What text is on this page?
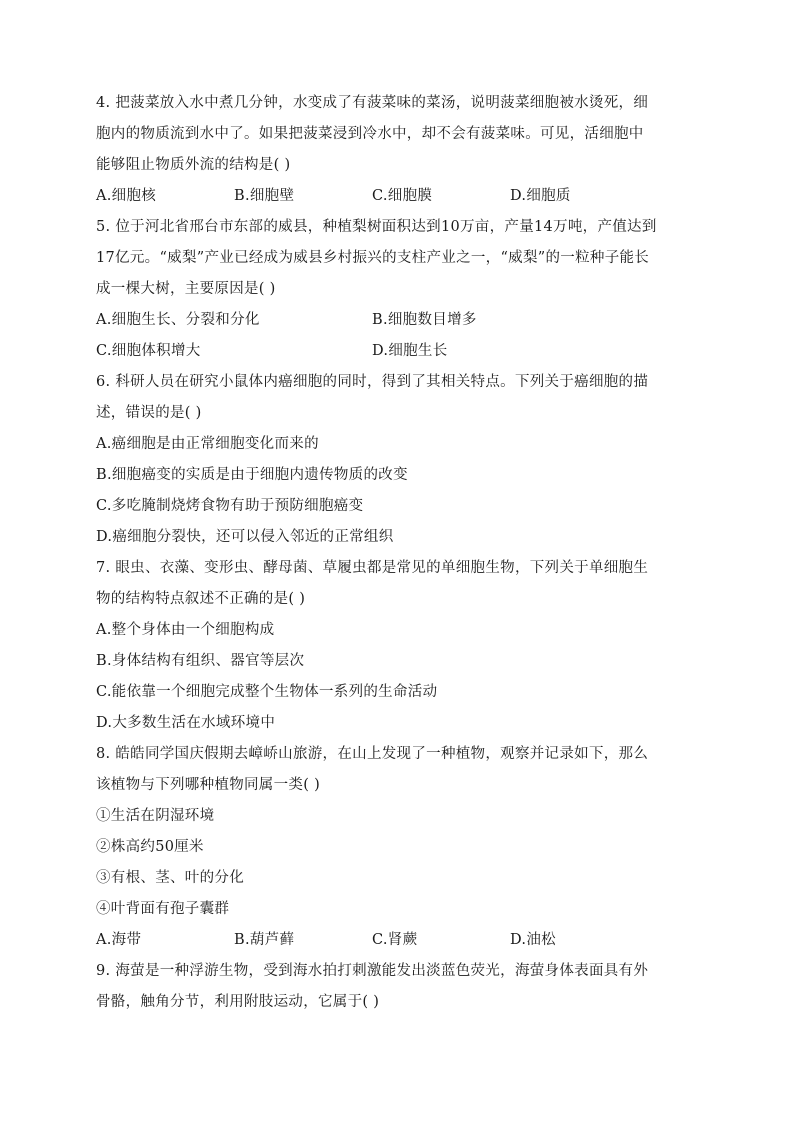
4. 把菠菜放入水中煮几分钟，水变成了有菠菜味的菜汤，说明菠菜细胞被水烫死，细
胞内的物质流到水中了。如果把菠菜浸到冷水中，却不会有菠菜味。可见，活细胞中
能够阻止物质外流的结构是( )
A.细胞核	B.细胞壁	C.细胞膜	D.细胞质
5. 位于河北省邢台市东部的威县，种植梨树面积达到10万亩，产量14万吨，产值达到
17亿元。“威梨”产业已经成为威县乡村振兴的支柱产业之一，“威梨”的一粒种子能长
成一棵大树，主要原因是( )
A.细胞生长、分裂和分化	B.细胞数目增多
C.细胞体积增大	D.细胞生长
6. 科研人员在研究小鼠体内癌细胞的同时，得到了其相关特点。下列关于癌细胞的描
述，错误的是( )
A.癌细胞是由正常细胞变化而来的
B.细胞癌变的实质是由于细胞内遗传物质的改变
C.多吃腌制烧烤食物有助于预防细胞癌变
D.癌细胞分裂快，还可以侵入邻近的正常组织
7. 眼虫、衣藻、变形虫、酵母菌、草履虫都是常见的单细胞生物，下列关于单细胞生
物的结构特点叙述不正确的是( )
A.整个身体由一个细胞构成
B.身体结构有组织、器官等层次
C.能依靠一个细胞完成整个生物体一系列的生命活动
D.大多数生活在水域环境中
8. 皓皓同学国庆假期去嶂峤山旅游，在山上发现了一种植物，观察并记录如下，那么
该植物与下列哪种植物同属一类( )
①生活在阴湿环境
②株高约50厘米
③有根、茎、叶的分化
④叶背面有孢子囊群
A.海带	B.葫芦藓	C.肾蕨	D.油松
9. 海萤是一种浮游生物，受到海水拍打刺激能发出淡蓝色荧光，海萤身体表面具有外
骨骼，触角分节，利用附肢运动，它属于( )
